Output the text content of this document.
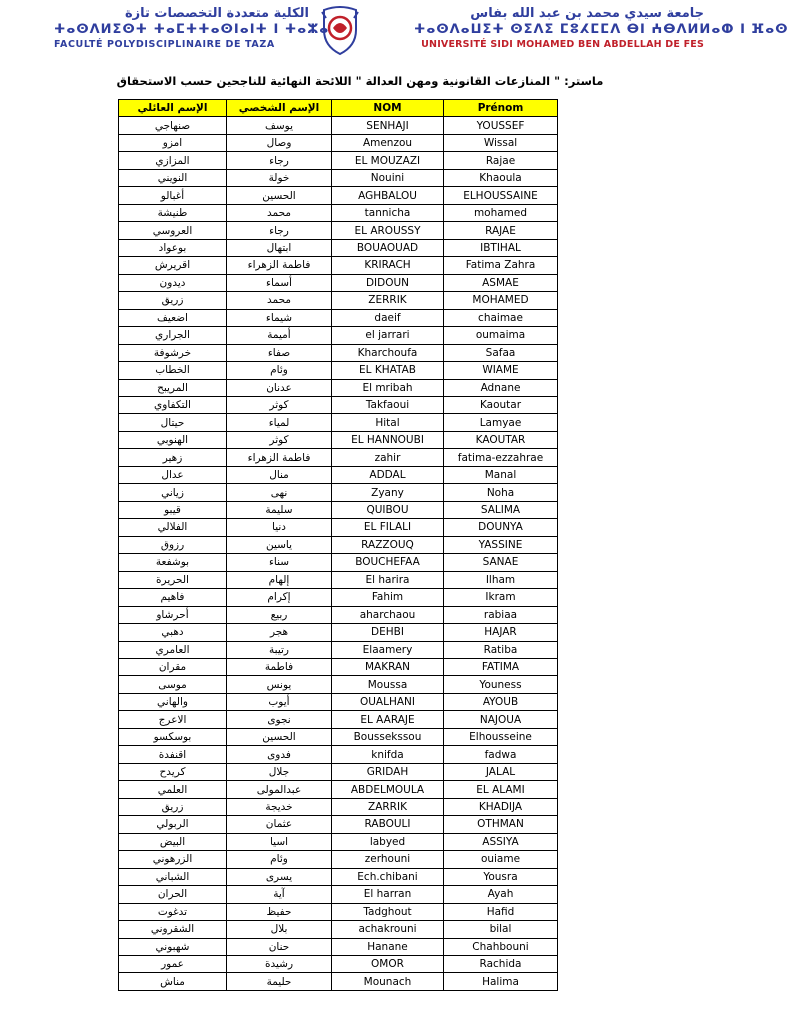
الكلية متعددة التخصصات تازة
ⵜⴰⵙⴷⵍⵉⵙⵜ ⵜⴰⵎⵜⵜⴰⵙⵏⴰⵏⵜ ⵏ ⵜⴰⵣⴰ
FACULTÉ POLYDISCIPLINAIRE DE TAZA
جامعة سيدي محمد بن عبد الله بفاس
ⵜⴰⵙⴷⴰⵡⵉⵜ ⵙⵉⴷⵉ ⵎⵓⵃⵎⵎⴷ ⴱⵏ ⵄⴱⴷⵍⵍⴰⵀ ⵏ ⴼⴰⵙ
UNIVERSITÉ SIDI MOHAMED BEN ABDELLAH DE FES
ماستر: " المنازعات القانونية ومهن العدالة " اللائحة النهائية للناجحين حسب الاستحقاق
الإسم العائلي	الإسم الشخصي	NOM	Prénom
صنهاجي	يوسف	SENHAJI	YOUSSEF
امزو	وصال	Amenzou	Wissal
المزازي	رجاء	EL MOUZAZI	Rajae
النويني	خولة	Nouini	Khaoula
أغبالو	الحسين	AGHBALOU	ELHOUSSAINE
طنيشة	محمد	tannicha	mohamed
العروسي	رجاء	EL AROUSSY	RAJAE
بوعواد	ابتهال	BOUAOUAD	IBTIHAL
اقريرش	فاطمة الزهراء	KRIRACH	Fatima Zahra
ديدون	أسماء	DIDOUN	ASMAE
زريق	محمد	ZERRIK	MOHAMED
اضعيف	شيماء	daeif	chaimae
الجراري	أميمة	el jarrari	oumaima
خرشوفة	صفاء	Kharchoufa	Safaa
الخطاب	وئام	EL KHATAB	WIAME
المريبح	عدنان	El mribah	Adnane
التكفاوي	كوثر	Takfaoui	Kaoutar
حيتال	لمياء	Hital	Lamyae
الهنوبي	كوثر	EL HANNOUBI	KAOUTAR
زهير	فاطمة الزهراء	zahir	fatima-ezzahrae
عدال	منال	ADDAL	Manal
زياني	نهى	Zyany	Noha
قيبو	سليمة	QUIBOU	SALIMA
الفلالي	دنيا	EL FILALI	DOUNYA
رزوق	ياسين	RAZZOUQ	YASSINE
بوشفعة	سناء	BOUCHEFAA	SANAE
الحريرة	إلهام	El harira	Ilham
فاهيم	إكرام	Fahim	Ikram
أحرشاو	ربيع	aharchaou	rabiaa
دهبي	هجر	DEHBI	HAJAR
العامري	رتيبة	Elaamery	Ratiba
مقران	فاطمة	MAKRAN	FATIMA
موسى	يونس	Moussa	Youness
والهاني	أيوب	OUALHANI	AYOUB
الاعرج	نجوى	EL AARAJE	NAJOUA
بوسكسو	الحسين	Boussekssou	Elhousseine
اقنفدة	فدوى	knifda	fadwa
كريدح	جلال	GRIDAH	JALAL
العلمي	عبدالمولى	ABDELMOULA	EL ALAMI
زريق	خديجة	ZARRIK	KHADIJA
الربولي	عثمان	RABOULI	OTHMAN
البيض	اسيا	labyed	ASSIYA
الزرهوني	وئام	zerhouni	ouiame
الشباني	يسرى	Ech.chibani	Yousra
الحران	آية	El harran	Ayah
تدغوت	حفيظ	Tadghout	Hafid
الشقروني	بلال	achakrouni	bilal
شهبوني	حنان	Hanane	Chahbouni
عمور	رشيدة	OMOR	Rachida
مناش	حليمة	Mounach	Halima
